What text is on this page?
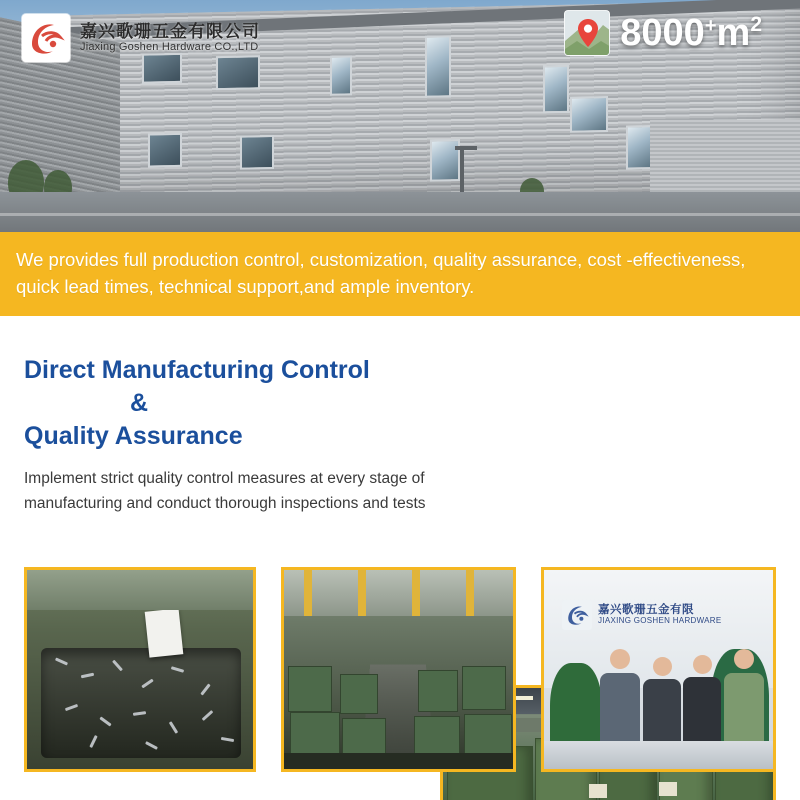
嘉兴歌珊五金有限公司
Jiaxing Goshen Hardware CO.,LTD	8000+ m 2

We provides full production control, customization, quality assurance, cost -effectiveness, quick lead times, technical support,and ample inventory.

Direct Manufacturing Control
&
Quality Assurance
Implement strict quality control measures at every stage of manufacturing and conduct thorough inspections and tests
嘉兴歌珊五金有限
JIAXING GOSHEN HARDWARE
